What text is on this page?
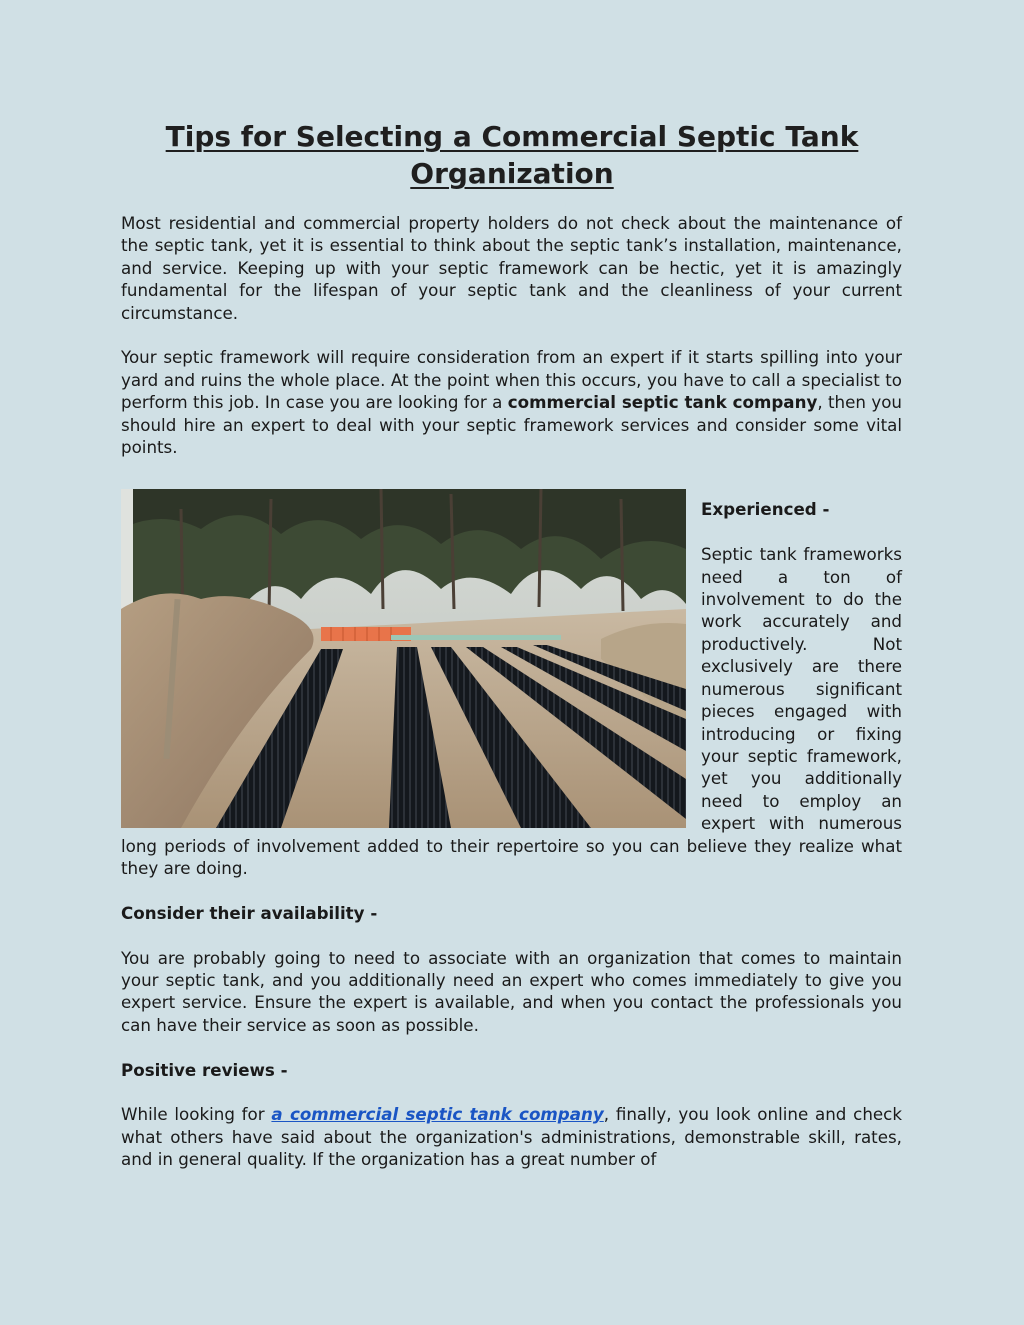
Tips for Selecting a Commercial Septic Tank Organization

Most residential and commercial property holders do not check about the maintenance of the septic tank, yet it is essential to think about the septic tank’s installation, maintenance, and service. Keeping up with your septic framework can be hectic, yet it is amazingly fundamental for the lifespan of your septic tank and the cleanliness of your current circumstance.

Your septic framework will require consideration from an expert if it starts spilling into your yard and ruins the whole place. At the point when this occurs, you have to call a specialist to perform this job. In case you are looking for a commercial septic tank company, then you should hire an expert to deal with your septic framework services and consider some vital points.

Experienced -

Septic tank frameworks need a ton of involvement to do the work accurately and productively. Not exclusively are there numerous significant pieces engaged with introducing or fixing your septic framework, yet you additionally need to employ an expert with numerous long periods of involvement added to their repertoire so you can believe they realize what they are doing.

Consider their availability -

You are probably going to need to associate with an organization that comes to maintain your septic tank, and you additionally need an expert who comes immediately to give you expert service. Ensure the expert is available, and when you contact the professionals you can have their service as soon as possible.

Positive reviews -

While looking for a commercial septic tank company, finally, you look online and check what others have said about the organization's administrations, demonstrable skill, rates, and in general quality. If the organization has a great number of
